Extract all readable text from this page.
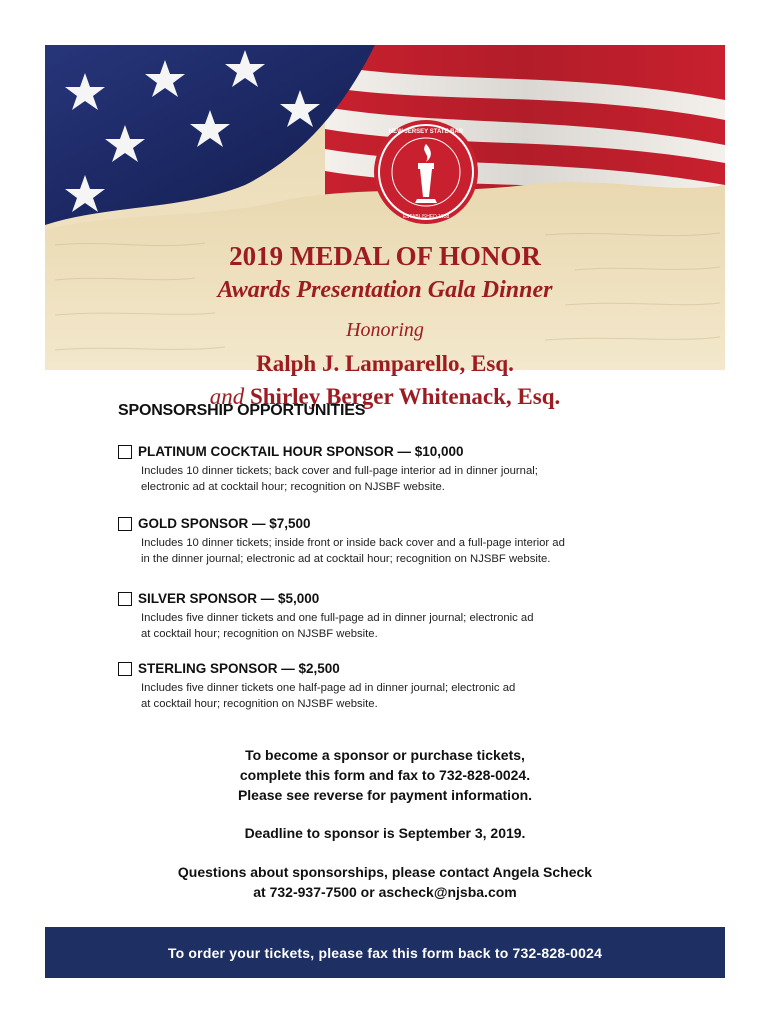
NEW JERSEY STATE BAR
ESTABLISHED 1958
2019 MEDAL OF HONOR
Awards Presentation Gala Dinner
Honoring
Ralph J. Lamparello, Esq.
and Shirley Berger Whitenack, Esq.
SPONSORSHIP OPPORTUNITIES
PLATINUM COCKTAIL HOUR SPONSOR — $10,000
Includes 10 dinner tickets; back cover and full-page interior ad in dinner journal;
electronic ad at cocktail hour; recognition on NJSBF website.
GOLD SPONSOR — $7,500
Includes 10 dinner tickets; inside front or inside back cover and a full-page interior ad
in the dinner journal; electronic ad at cocktail hour; recognition on NJSBF website.
SILVER SPONSOR — $5,000
Includes five dinner tickets and one full-page ad in dinner journal; electronic ad
at cocktail hour; recognition on NJSBF website.
STERLING SPONSOR — $2,500
Includes five dinner tickets one half-page ad in dinner journal; electronic ad
at cocktail hour; recognition on NJSBF website.
To become a sponsor or purchase tickets,
complete this form and fax to 732-828-0024.
Please see reverse for payment information.
Deadline to sponsor is September 3, 2019.
Questions about sponsorships, please contact Angela Scheck
at 732-937-7500 or ascheck@njsba.com
To order your tickets, please fax this form back to 732-828-0024
